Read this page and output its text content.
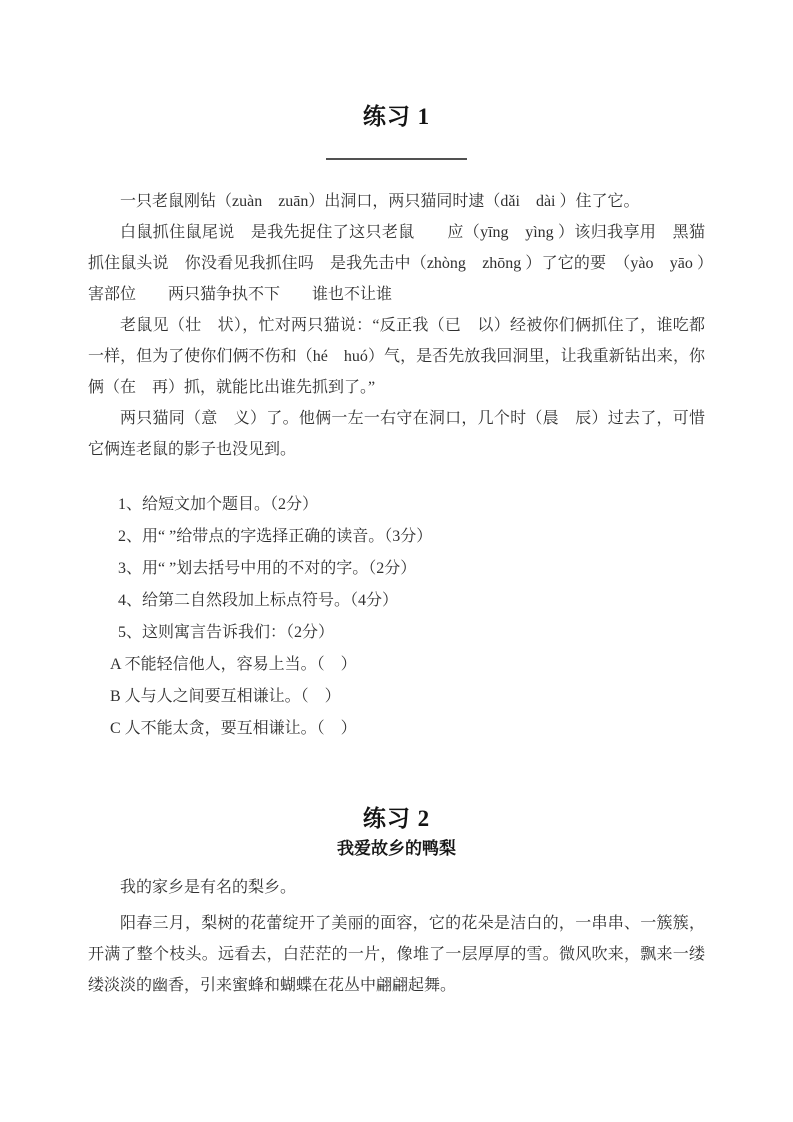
练习 1

一只老鼠刚钻（zuàn　zuān）出洞口，两只猫同时逮（dǎi　dài ）住了它。

白鼠抓住鼠尾说　是我先捉住了这只老鼠　　应（yīng　yìng ）该归我享用　黑猫抓住鼠头说　你没看见我抓住吗　是我先击中（zhòng　zhōng ）了它的要　（yào　yāo ）害部位　　两只猫争执不下　　谁也不让谁

老鼠见（壮　状），忙对两只猫说：“反正我（已　以）经被你们俩抓住了，谁吃都一样，但为了使你们俩不伤和（hé　huó）气，是否先放我回洞里，让我重新钻出来，你俩（在　再）抓，就能比出谁先抓到了。”

两只猫同（意　义）了。他俩一左一右守在洞口，几个时（晨　辰）过去了，可惜它俩连老鼠的影子也没见到。

1、给短文加个题目。（2分）

2、用“ ”给带点的字选择正确的读音。（3分）

3、用“ ”划去括号中用的不对的字。（2分）

4、给第二自然段加上标点符号。（4分）

5、这则寓言告诉我们：（2分）

A 不能轻信他人，容易上当。（　）

B 人与人之间要互相谦让。（　）

C 人不能太贪，要互相谦让。（　）

练习 2
我爱故乡的鸭梨

我的家乡是有名的梨乡。

阳春三月，梨树的花蕾绽开了美丽的面容，它的花朵是洁白的，一串串、一簇簇，开满了整个枝头。远看去，白茫茫的一片，像堆了一层厚厚的雪。微风吹来，飘来一缕缕淡淡的幽香，引来蜜蜂和蝴蝶在花丛中翩翩起舞。
